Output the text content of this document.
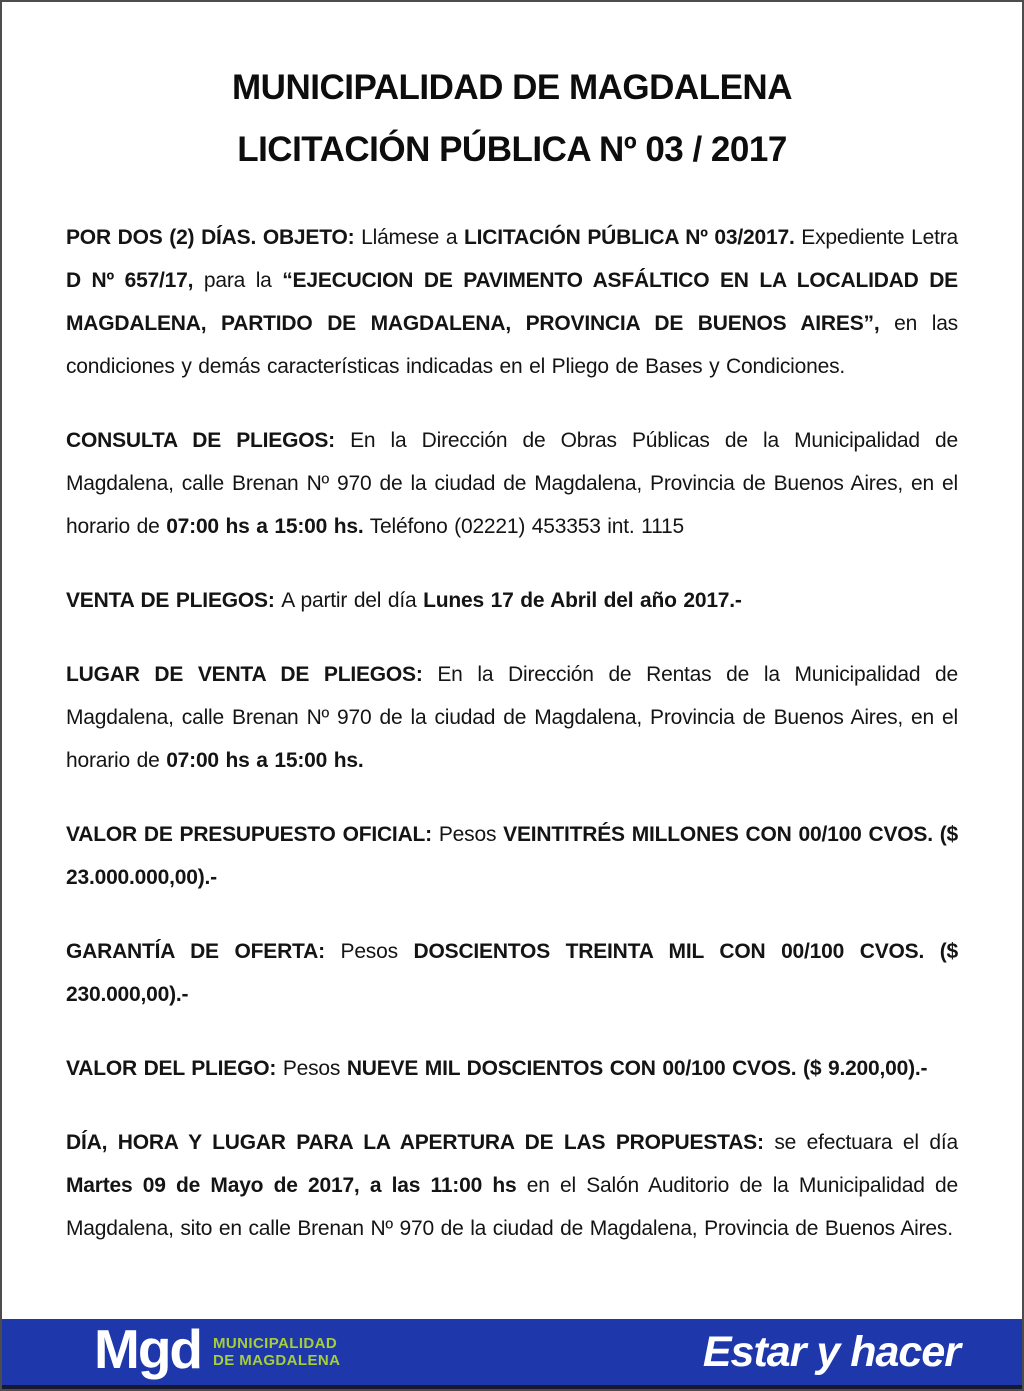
MUNICIPALIDAD DE MAGDALENA
LICITACIÓN PÚBLICA Nº 03 / 2017

POR DOS (2) DÍAS. OBJETO: Llámese a LICITACIÓN PÚBLICA Nº 03/2017. Expediente Letra D Nº 657/17, para la “EJECUCION DE PAVIMENTO ASFÁLTICO EN LA LOCALIDAD DE MAGDALENA, PARTIDO DE MAGDALENA, PROVINCIA DE BUENOS AIRES”, en las condiciones y demás características indicadas en el Pliego de Bases y Condiciones.

CONSULTA DE PLIEGOS: En la Dirección de Obras Públicas de la Municipalidad de Magdalena, calle Brenan Nº 970 de la ciudad de Magdalena, Provincia de Buenos Aires, en el horario de 07:00 hs a 15:00 hs. Teléfono (02221) 453353 int. 1115

VENTA DE PLIEGOS: A partir del día Lunes 17 de Abril del año 2017.-

LUGAR DE VENTA DE PLIEGOS: En la Dirección de Rentas de la Municipalidad de Magdalena, calle Brenan Nº 970 de la ciudad de Magdalena, Provincia de Buenos Aires, en el horario de 07:00 hs a 15:00 hs.

VALOR DE PRESUPUESTO OFICIAL: Pesos VEINTITRÉS MILLONES CON 00/100 CVOS. ($ 23.000.000,00).-

GARANTÍA DE OFERTA: Pesos DOSCIENTOS TREINTA MIL CON 00/100 CVOS. ($ 230.000,00).-

VALOR DEL PLIEGO: Pesos NUEVE MIL DOSCIENTOS CON 00/100 CVOS. ($ 9.200,00).-

DÍA, HORA Y LUGAR PARA LA APERTURA DE LAS PROPUESTAS: se efectuara el día Martes 09 de Mayo de 2017, a las 11:00 hs en el Salón Auditorio de la Municipalidad de Magdalena, sito en calle Brenan Nº 970 de la ciudad de Magdalena, Provincia de Buenos Aires.

Mgd MUNICIPALIDAD
DE MAGDALENA	Estar y hacer
